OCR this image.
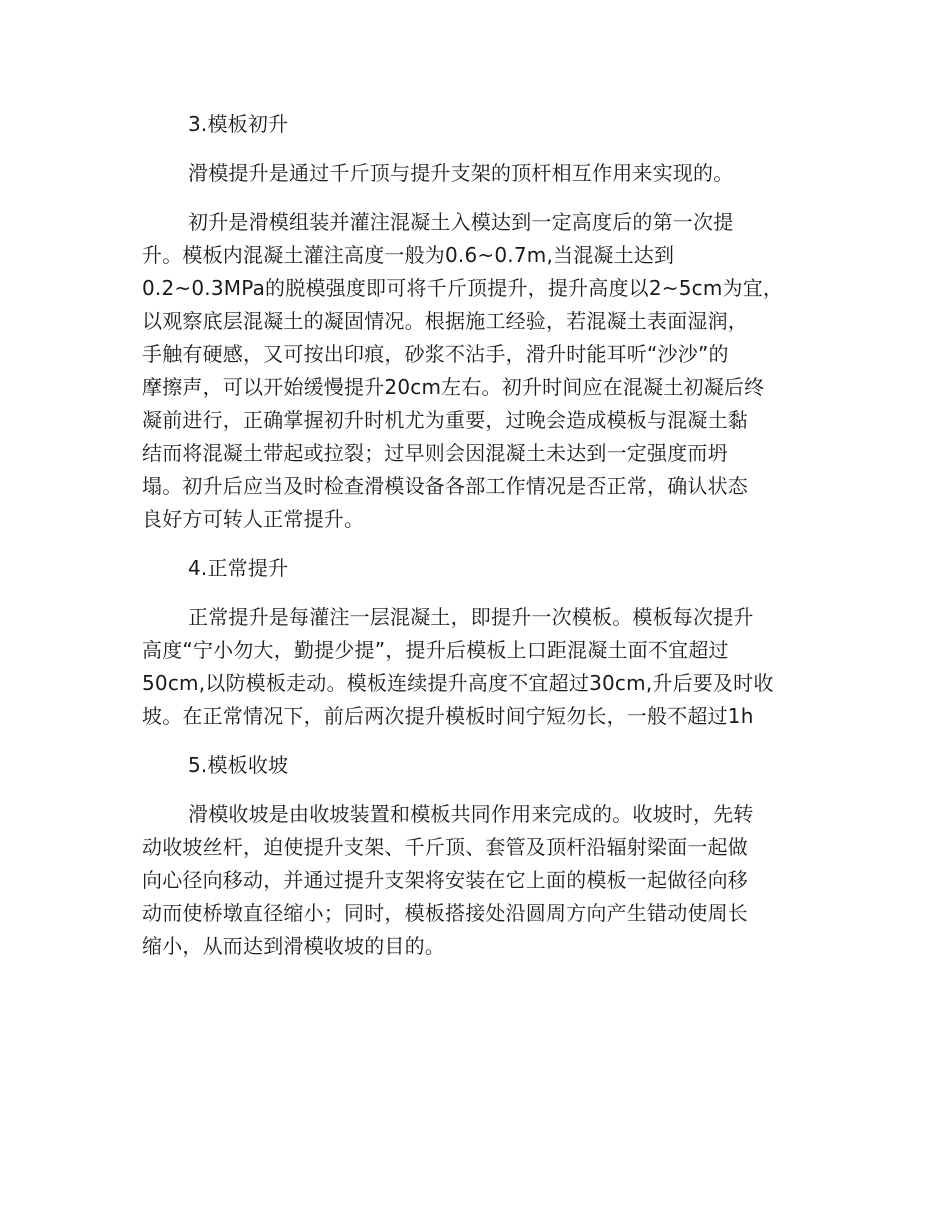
3.模板初升
滑模提升是通过千斤顶与提升支架的顶杆相互作用来实现的。
初升是滑模组装并灌注混凝土入模达到一定高度后的第一次提
升。模板内混凝土灌注高度一般为0.6~0.7m,当混凝土达到
0.2~0.3MPa的脱模强度即可将千斤顶提升，提升高度以2~5cm为宜，
以观察底层混凝土的凝固情况。根据施工经验，若混凝土表面湿润，
手触有硬感，又可按出印痕，砂浆不沾手，滑升时能耳听“沙沙”的
摩擦声，可以开始缓慢提升20cm左右。初升时间应在混凝土初凝后终
凝前进行，正确掌握初升时机尤为重要，过晚会造成模板与混凝土黏
结而将混凝土带起或拉裂；过早则会因混凝土未达到一定强度而坍
塌。初升后应当及时检查滑模设备各部工作情况是否正常，确认状态
良好方可转人正常提升。
4.正常提升
正常提升是每灌注一层混凝土，即提升一次模板。模板每次提升
高度“宁小勿大，勤提少提”，提升后模板上口距混凝土面不宜超过
50cm,以防模板走动。模板连续提升高度不宜超过30cm,升后要及时收
坡。在正常情况下，前后两次提升模板时间宁短勿长，一般不超过1h
5.模板收坡
滑模收坡是由收坡装置和模板共同作用来完成的。收坡时，先转
动收坡丝杆，迫使提升支架、千斤顶、套管及顶杆沿辐射梁面一起做
向心径向移动，并通过提升支架将安装在它上面的模板一起做径向移
动而使桥墩直径缩小；同时，模板搭接处沿圆周方向产生错动使周长
缩小，从而达到滑模收坡的目的。
